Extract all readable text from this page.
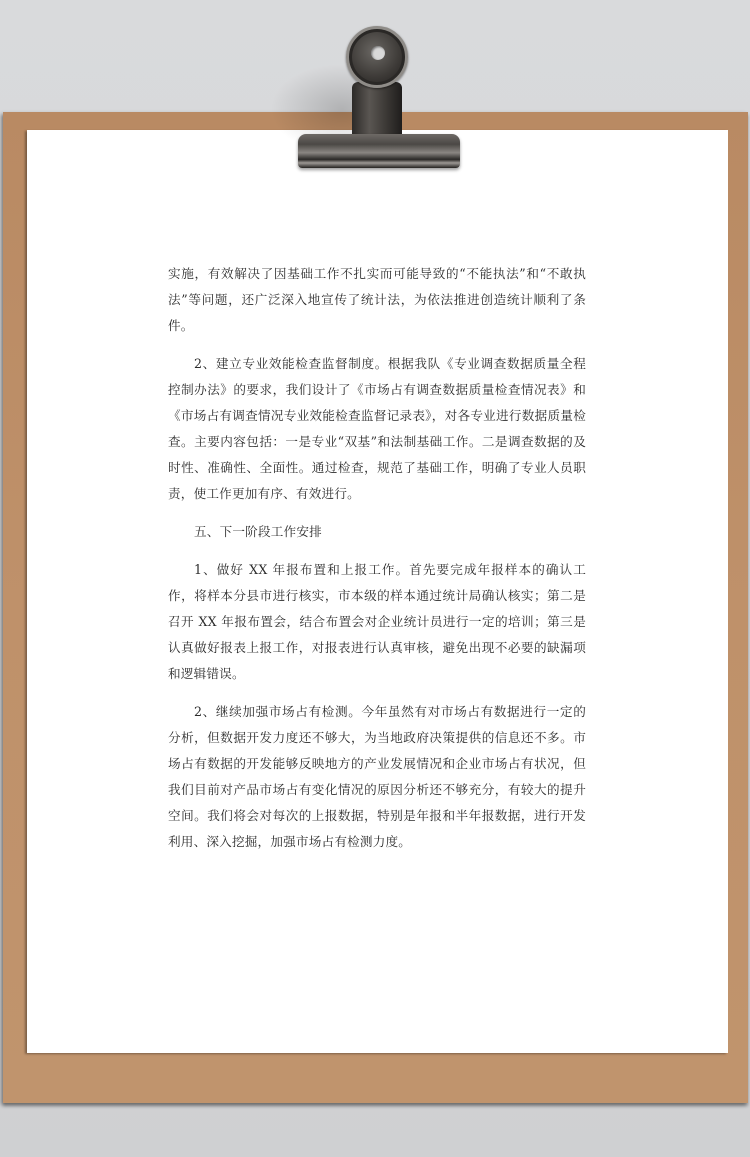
实施，有效解决了因基础工作不扎实而可能导致的“不能执法”和“不敢执法”等问题，还广泛深入地宣传了统计法，为依法推进创造统计顺利了条件。

2、建立专业效能检查监督制度。根据我队《专业调查数据质量全程控制办法》的要求，我们设计了《市场占有调查数据质量检查情况表》和《市场占有调查情况专业效能检查监督记录表》，对各专业进行数据质量检查。主要内容包括：一是专业“双基”和法制基础工作。二是调查数据的及时性、准确性、全面性。通过检查，规范了基础工作，明确了专业人员职责，使工作更加有序、有效进行。

五、下一阶段工作安排

1、做好 XX 年报布置和上报工作。首先要完成年报样本的确认工作，将样本分县市进行核实，市本级的样本通过统计局确认核实；第二是召开 XX 年报布置会，结合布置会对企业统计员进行一定的培训；第三是认真做好报表上报工作，对报表进行认真审核，避免出现不必要的缺漏项和逻辑错误。

2、继续加强市场占有检测。今年虽然有对市场占有数据进行一定的分析，但数据开发力度还不够大，为当地政府决策提供的信息还不多。市场占有数据的开发能够反映地方的产业发展情况和企业市场占有状况，但我们目前对产品市场占有变化情况的原因分析还不够充分，有较大的提升空间。我们将会对每次的上报数据，特别是年报和半年报数据，进行开发利用、深入挖掘，加强市场占有检测力度。
